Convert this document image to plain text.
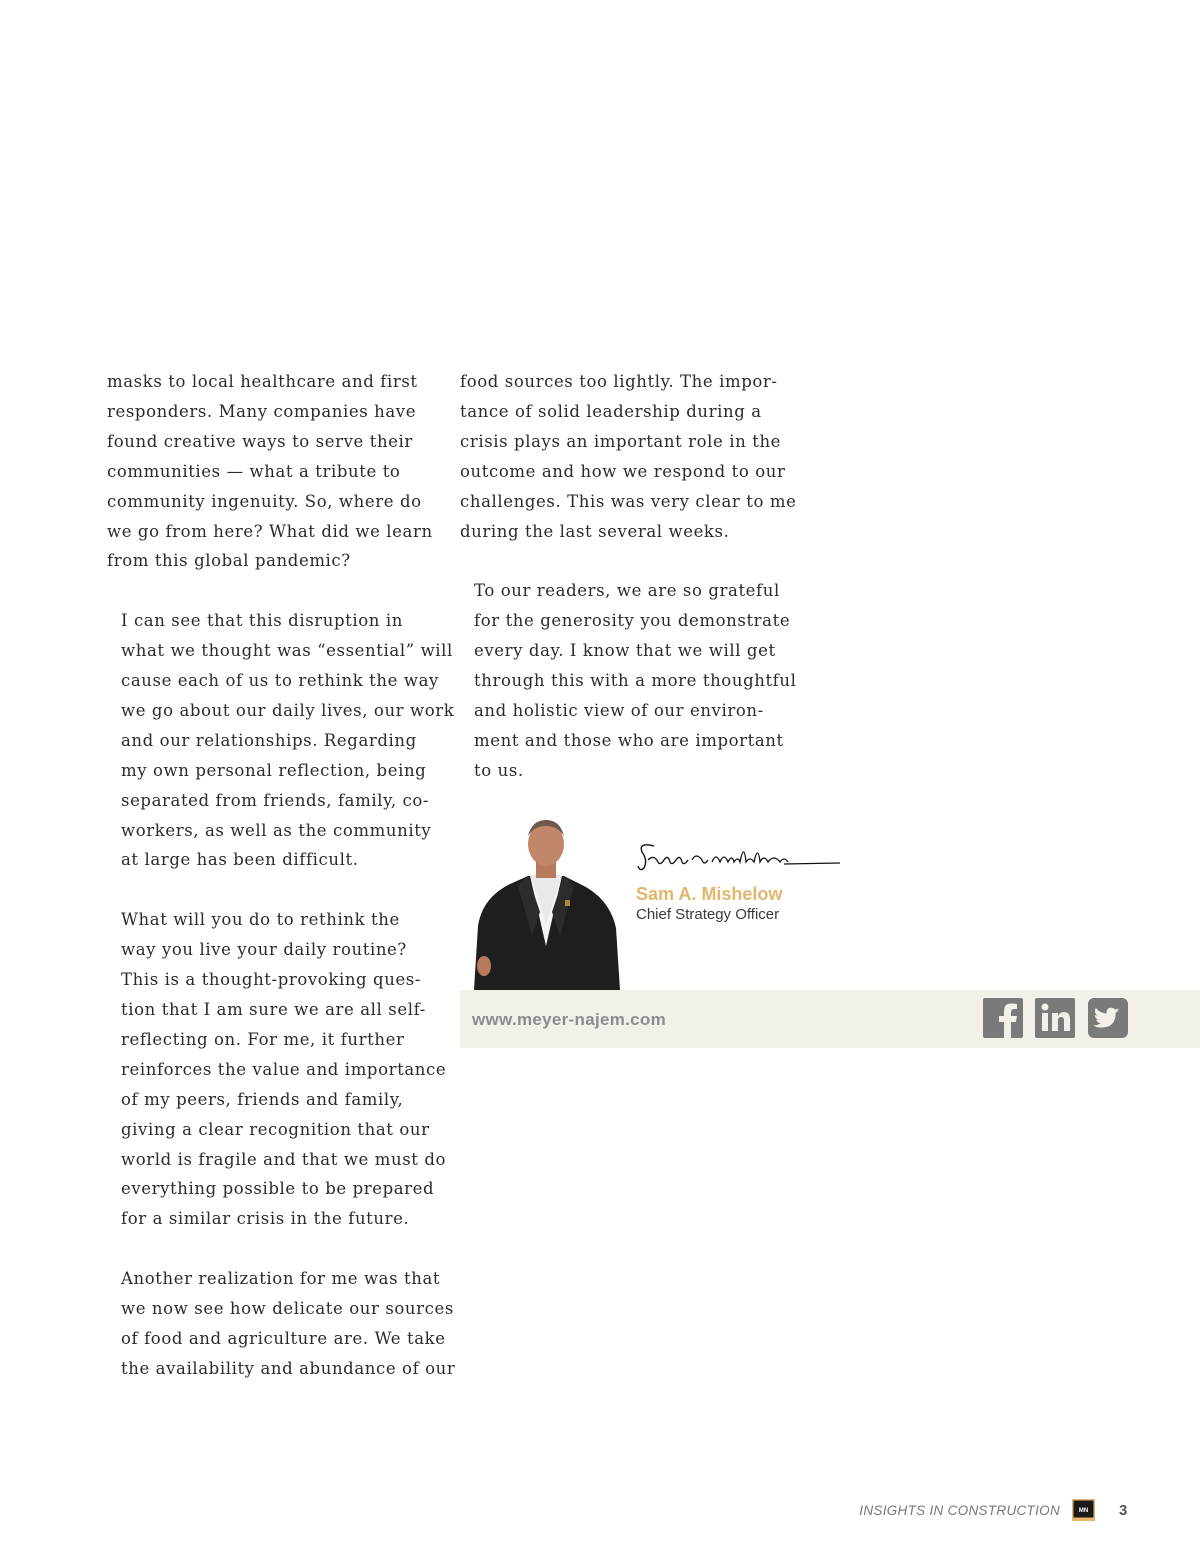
masks to local healthcare and first
responders. Many companies have
found creative ways to serve their
communities — what a tribute to
community ingenuity. So, where do
we go from here? What did we learn
from this global pandemic?

I can see that this disruption in
what we thought was “essential” will
cause each of us to rethink the way
we go about our daily lives, our work
and our relationships. Regarding
my own personal reflection, being
separated from friends, family, co-
workers, as well as the community
at large has been difficult.

What will you do to rethink the
way you live your daily routine?
This is a thought-provoking ques-
tion that I am sure we are all self-
reflecting on. For me, it further
reinforces the value and importance
of my peers, friends and family,
giving a clear recognition that our
world is fragile and that we must do
everything possible to be prepared
for a similar crisis in the future.

Another realization for me was that
we now see how delicate our sources
of food and agriculture are. We take
the availability and abundance of our

food sources too lightly. The impor-
tance of solid leadership during a
crisis plays an important role in the
outcome and how we respond to our
challenges. This was very clear to me
during the last several weeks.

To our readers, we are so grateful
for the generosity you demonstrate
every day. I know that we will get
through this with a more thoughtful
and holistic view of our environ-
ment and those who are important
to us.

Sam A. Mishelow
Chief Strategy Officer
www.meyer-najem.com
INSIGHTS IN CONSTRUCTION	MN 3
